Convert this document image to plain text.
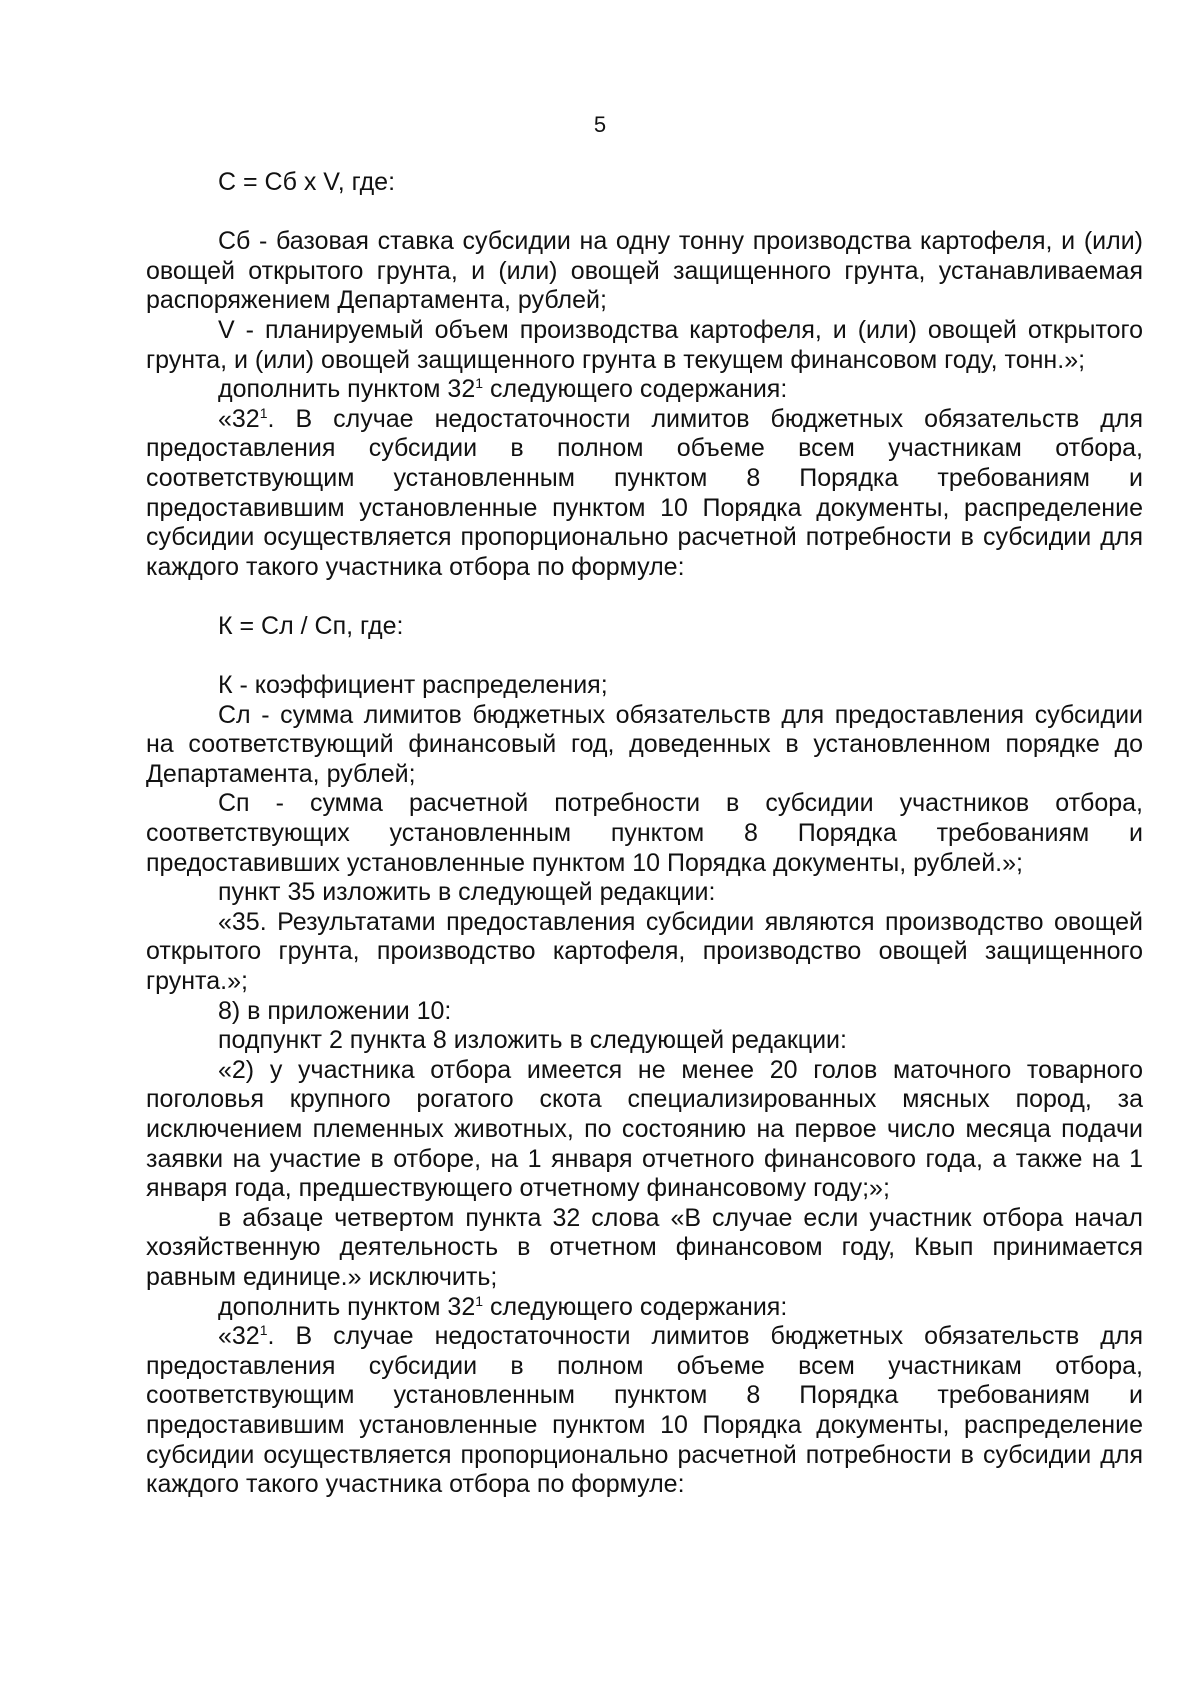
5

С = Сб х V, где:

Сб - базовая ставка субсидии на одну тонну производства картофеля, и (или) овощей открытого грунта, и (или) овощей защищенного грунта, устанавливаемая распоряжением Департамента, рублей;

V - планируемый объем производства картофеля, и (или) овощей открытого грунта, и (или) овощей защищенного грунта в текущем финансовом году, тонн.»;

дополнить пунктом $32^1$ следующего содержания:

«$32^1$. В случае недостаточности лимитов бюджетных обязательств для предоставления субсидии в полном объеме всем участникам отбора, соответствующим установленным пунктом 8 Порядка требованиям и предоставившим установленные пунктом 10 Порядка документы, распределение субсидии осуществляется пропорционально расчетной потребности в субсидии для каждого такого участника отбора по формуле:

К = Сл / Сп, где:

К - коэффициент распределения;

Сл - сумма лимитов бюджетных обязательств для предоставления субсидии на соответствующий финансовый год, доведенных в установленном порядке до Департамента, рублей;

Сп - сумма расчетной потребности в субсидии участников отбора, соответствующих установленным пунктом 8 Порядка требованиям и предоставивших установленные пунктом 10 Порядка документы, рублей.»;

пункт 35 изложить в следующей редакции:

«35. Результатами предоставления субсидии являются производство овощей открытого грунта, производство картофеля, производство овощей защищенного грунта.»;

8) в приложении 10:

подпункт 2 пункта 8 изложить в следующей редакции:

«2) у участника отбора имеется не менее 20 голов маточного товарного поголовья крупного рогатого скота специализированных мясных пород, за исключением племенных животных, по состоянию на первое число месяца подачи заявки на участие в отборе, на 1 января отчетного финансового года, а также на 1 января года, предшествующего отчетному финансовому году;»;

в абзаце четвертом пункта 32 слова «В случае если участник отбора начал хозяйственную деятельность в отчетном финансовом году, Квып принимается равным единице.» исключить;

дополнить пунктом $32^1$ следующего содержания:

«$32^1$. В случае недостаточности лимитов бюджетных обязательств для предоставления субсидии в полном объеме всем участникам отбора, соответствующим установленным пунктом 8 Порядка требованиям и предоставившим установленные пунктом 10 Порядка документы, распределение субсидии осуществляется пропорционально расчетной потребности в субсидии для каждого такого участника отбора по формуле:
